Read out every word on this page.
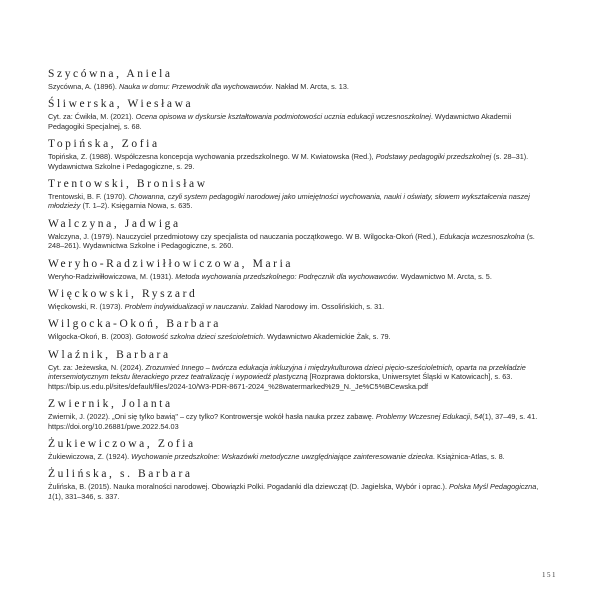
Szycówna, Aniela
Szycówna, A. (1896). Nauka w domu: Przewodnik dla wychowawców. Nakład M. Arcta, s. 13.
Śliwerska, Wiesława
Cyt. za: Ćwikła, M. (2021). Ocena opisowa w dyskursie kształtowania podmiotowości ucznia edukacji wczesnoszkolnej. Wydawnictwo Akademii Pedagogiki Specjalnej, s. 68.
Topińska, Zofia
Topińska, Z. (1988). Współczesna koncepcja wychowania przedszkolnego. W M. Kwiatowska (Red.), Podstawy pedagogiki przedszkolnej (s. 28–31). Wydawnictwa Szkolne i Pedagogiczne, s. 29.
Trentowski, Bronisław
Trentowski, B. F. (1970). Chowanna, czyli system pedagogiki narodowej jako umiejętności wychowania, nauki i oświaty, słowem wykształcenia naszej młodzieży (T. 1–2). Księgarnia Nowa, s. 635.
Walczyna, Jadwiga
Walczyna, J. (1979). Nauczyciel przedmiotowy czy specjalista od nauczania początkowego. W B. Wilgocka-Okoń (Red.), Edukacja wczesnoszkolna (s. 248–261). Wydawnictwa Szkolne i Pedagogiczne, s. 260.
Weryho-Radziwiłłowiczowa, Maria
Weryho-Radziwiłłowiczowa, M. (1931). Metoda wychowania przedszkolnego: Podręcznik dla wychowawców. Wydawnictwo M. Arcta, s. 5.
Więckowski, Ryszard
Więckowski, R. (1973). Problem indywidualizacji w nauczaniu. Zakład Narodowy im. Ossolińskich, s. 31.
Wilgocka-Okoń, Barbara
Wilgocka-Okoń, B. (2003). Gotowość szkolna dzieci sześcioletnich. Wydawnictwo Akademickie Żak, s. 79.
Wlaźnik, Barbara
Cyt. za: Jeżewska, N. (2024). Zrozumieć Innego – twórcza edukacja inkluzyjna i międzykulturowa dzieci pięcio-sześcioletnich, oparta na przekładzie intersemiotycznym tekstu literackiego przez teatralizację i wypowiedź plastyczną [Rozprawa doktorska, Uniwersytet Śląski w Katowicach], s. 63. https://bip.us.edu.pl/sites/default/files/2024-10/W3-PDR-8671-2024_%28watermarked%29_N._Je%C5%BCewska.pdf
Zwiernik, Jolanta
Zwiernik, J. (2022). „Oni się tylko bawią" – czy tylko? Kontrowersje wokół hasła nauka przez zabawę. Problemy Wczesnej Edukacji, 54(1), 37–49, s. 41. https://doi.org/10.26881/pwe.2022.54.03
Żukiewiczowa, Zofia
Żukiewiczowa, Z. (1924). Wychowanie przedszkolne: Wskazówki metodyczne uwzględniające zainteresowanie dziecka. Książnica-Atlas, s. 8.
Żulińska, s. Barbara
Żulińska, B. (2015). Nauka moralności narodowej. Obowiązki Polki. Pogadanki dla dziewcząt (D. Jagielska, Wybór i oprac.). Polska Myśl Pedagogiczna, 1(1), 331–346, s. 337.
151
